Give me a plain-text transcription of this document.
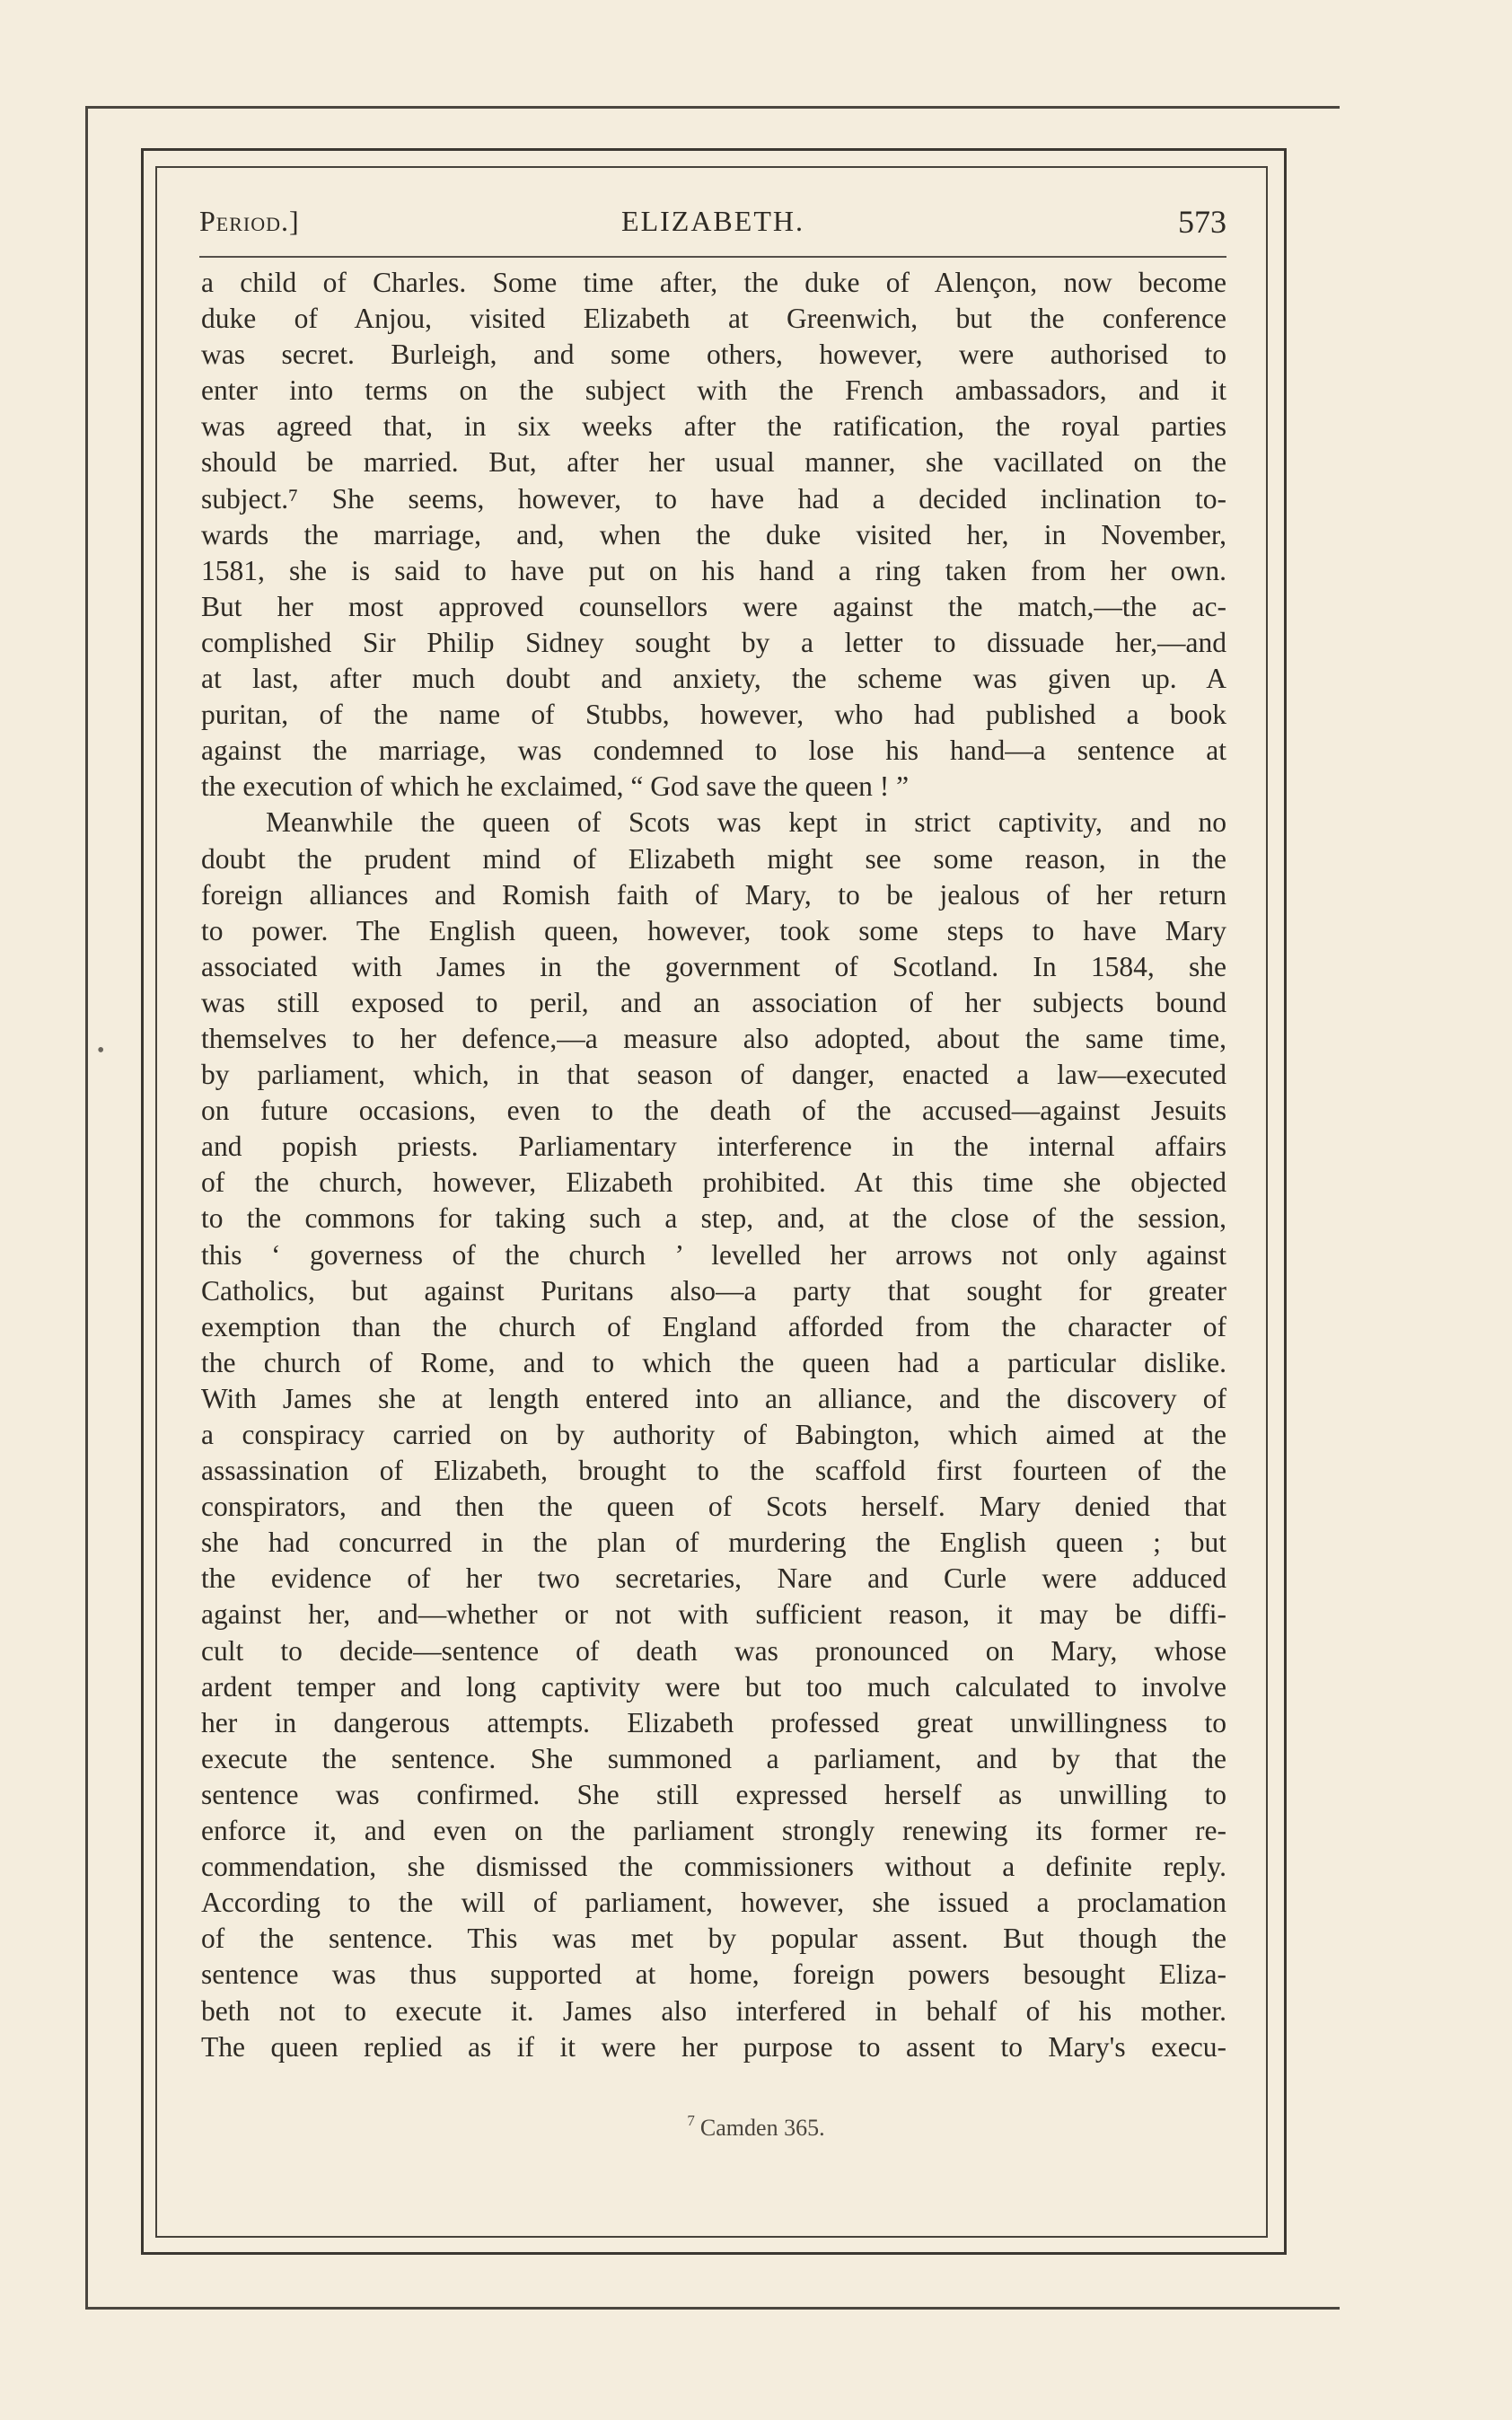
Period.]	ELIZABETH.	573
•
a child of Charles. Some time after, the duke of Alençon, now become
duke of Anjou, visited Elizabeth at Greenwich, but the conference
was secret. Burleigh, and some others, however, were authorised to
enter into terms on the subject with the French ambassadors, and it
was agreed that, in six weeks after the ratification, the royal parties
should be married. But, after her usual manner, she vacillated on the
subject.⁷ She seems, however, to have had a decided inclination to-
wards the marriage, and, when the duke visited her, in November,
1581, she is said to have put on his hand a ring taken from her own.
But her most approved counsellors were against the match,—the ac-
complished Sir Philip Sidney sought by a letter to dissuade her,—and
at last, after much doubt and anxiety, the scheme was given up. A
puritan, of the name of Stubbs, however, who had published a book
against the marriage, was condemned to lose his hand—a sentence at
the execution of which he exclaimed, “ God save the queen ! ”
Meanwhile the queen of Scots was kept in strict captivity, and no
doubt the prudent mind of Elizabeth might see some reason, in the
foreign alliances and Romish faith of Mary, to be jealous of her return
to power. The English queen, however, took some steps to have Mary
associated with James in the government of Scotland. In 1584, she
was still exposed to peril, and an association of her subjects bound
themselves to her defence,—a measure also adopted, about the same time,
by parliament, which, in that season of danger, enacted a law—executed
on future occasions, even to the death of the accused—against Jesuits
and popish priests. Parliamentary interference in the internal affairs
of the church, however, Elizabeth prohibited. At this time she objected
to the commons for taking such a step, and, at the close of the session,
this ‘ governess of the church ’ levelled her arrows not only against
Catholics, but against Puritans also—a party that sought for greater
exemption than the church of England afforded from the character of
the church of Rome, and to which the queen had a particular dislike.
With James she at length entered into an alliance, and the discovery of
a conspiracy carried on by authority of Babington, which aimed at the
assassination of Elizabeth, brought to the scaffold first fourteen of the
conspirators, and then the queen of Scots herself. Mary denied that
she had concurred in the plan of murdering the English queen ; but
the evidence of her two secretaries, Nare and Curle were adduced
against her, and—whether or not with sufficient reason, it may be diffi-
cult to decide—sentence of death was pronounced on Mary, whose
ardent temper and long captivity were but too much calculated to involve
her in dangerous attempts. Elizabeth professed great unwillingness to
execute the sentence. She summoned a parliament, and by that the
sentence was confirmed. She still expressed herself as unwilling to
enforce it, and even on the parliament strongly renewing its former re-
commendation, she dismissed the commissioners without a definite reply.
According to the will of parliament, however, she issued a proclamation
of the sentence. This was met by popular assent. But though the
sentence was thus supported at home, foreign powers besought Eliza-
beth not to execute it. James also interfered in behalf of his mother.
The queen replied as if it were her purpose to assent to Mary's execu-
$^7$ Camden 365.
